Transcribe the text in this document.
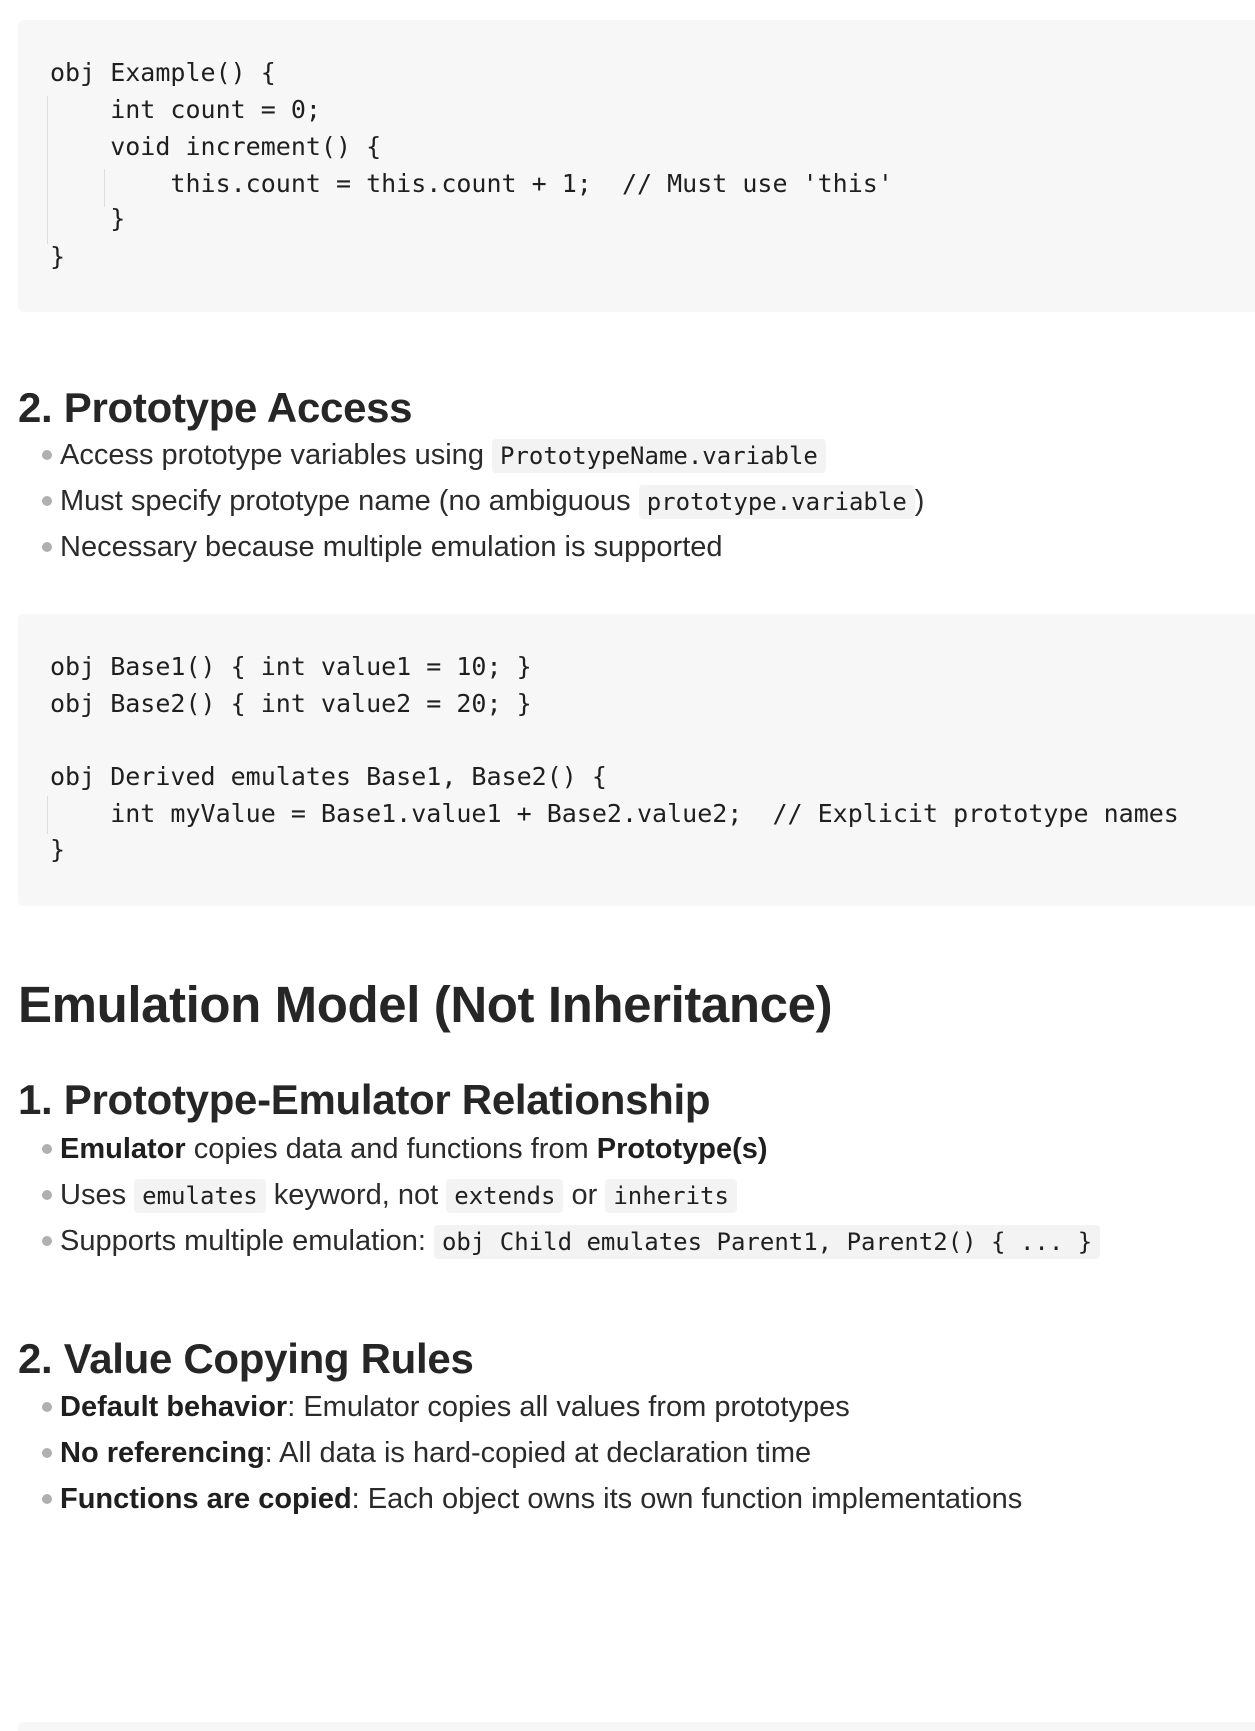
obj Example() {
int count = 0;
void increment() {
this.count = this.count + 1;  // Must use 'this'
}
}
2. Prototype Access
Access prototype variables using PrototypeName.variable
Must specify prototype name (no ambiguous prototype.variable )
Necessary because multiple emulation is supported
obj Base1() { int value1 = 10; }
obj Base2() { int value2 = 20; }
obj Derived emulates Base1, Base2() {
int myValue = Base1.value1 + Base2.value2;  // Explicit prototype names
}
Emulation Model (Not Inheritance)
1. Prototype-Emulator Relationship
Emulator copies data and functions from Prototype(s)
Uses emulates keyword, not extends or inherits
Supports multiple emulation: obj Child emulates Parent1, Parent2() { ... }
2. Value Copying Rules
Default behavior: Emulator copies all values from prototypes
No referencing: All data is hard-copied at declaration time
Functions are copied: Each object owns its own function implementations
